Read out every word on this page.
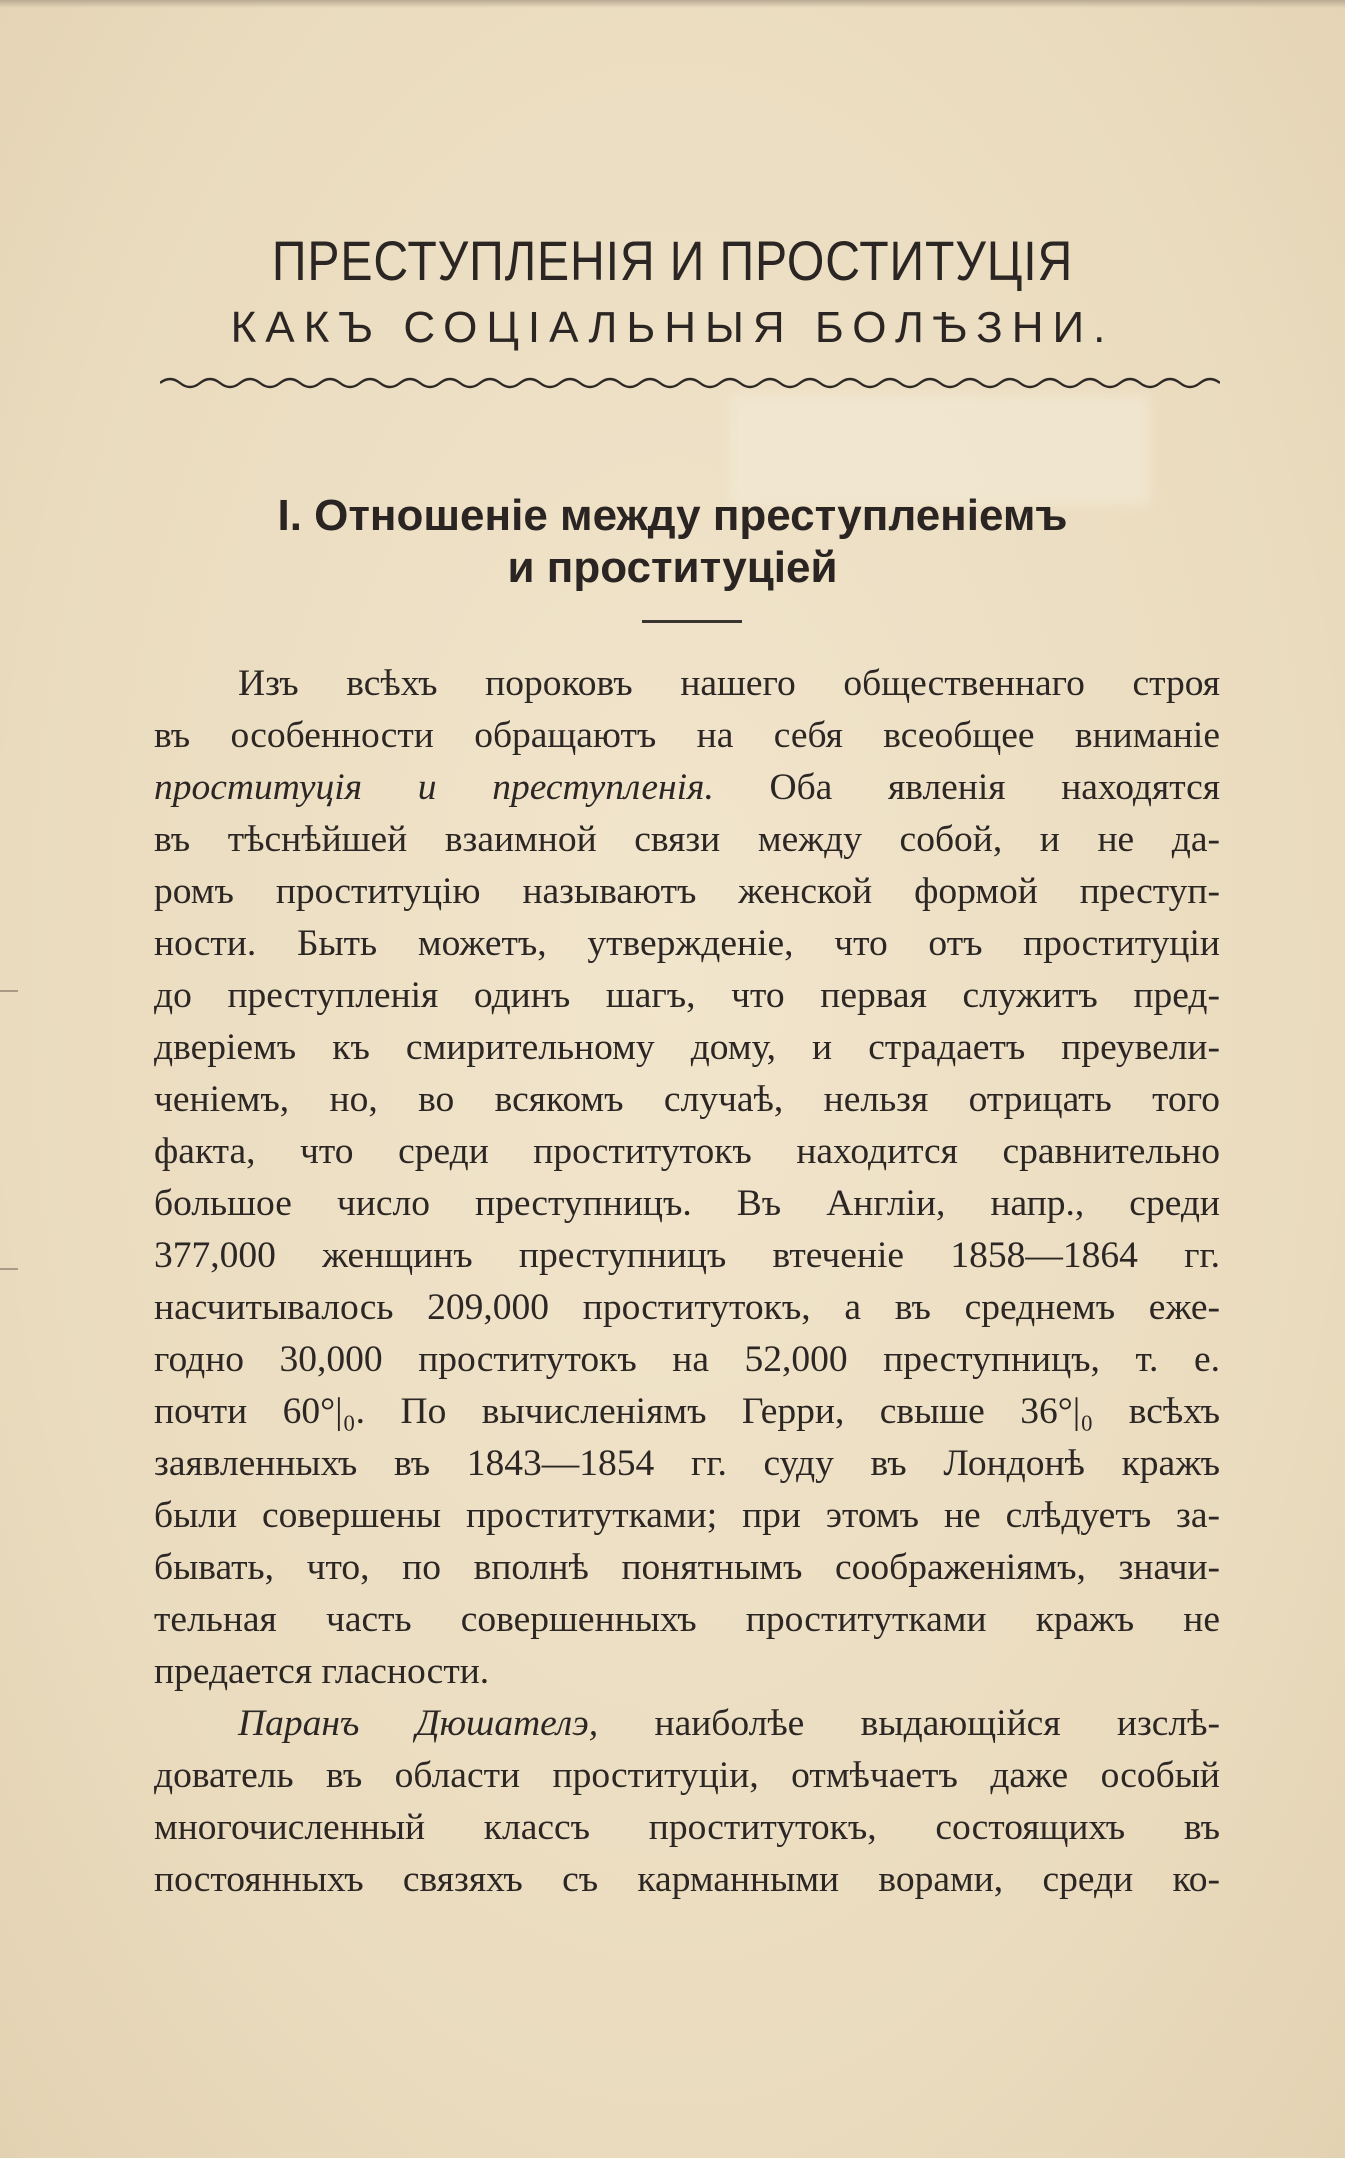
ПРЕСТУПЛЕНІЯ И ПРОСТИТУЦІЯ
КАКЪ СОЦІАЛЬНЫЯ БОЛѢЗНИ.
I. Отношеніе между преступленіемъ
и проституціей
Изъ всѣхъ пороковъ нашего общественнаго строя
въ особенности обращаютъ на себя всеобщее вниманіе
проституція и преступленія. Оба явленія находятся
въ тѣснѣйшей взаимной связи между собой, и не да-
ромъ проституцію называютъ женской формой преступ-
ности. Быть можетъ, утвержденіе, что отъ проституціи
до преступленія одинъ шагъ, что первая служитъ пред-
дверіемъ къ смирительному дому, и страдаетъ преувели-
ченіемъ, но, во всякомъ случаѣ, нельзя отрицать того
факта, что среди проститутокъ находится сравнительно
большое число преступницъ. Въ Англіи, напр., среди
377,000 женщинъ преступницъ втеченіе 1858—1864 гг.
насчитывалось 209,000 проститутокъ, а въ среднемъ еже-
годно 30,000 проститутокъ на 52,000 преступницъ, т. е.
почти 60°|₀. По вычисленіямъ Герри, свыше 36°|₀ всѣхъ
заявленныхъ въ 1843—1854 гг. суду въ Лондонѣ кражъ
были совершены проститутками; при этомъ не слѣдуетъ за-
бывать, что, по вполнѣ понятнымъ соображеніямъ, значи-
тельная часть совершенныхъ проститутками кражъ не
предается гласности.
Паранъ Дюшателэ, наиболѣе выдающійся изслѣ-
дователь въ области проституціи, отмѣчаетъ даже особый
многочисленный классъ проститутокъ, состоящихъ въ
постоянныхъ связяхъ съ карманными ворами, среди ко-
